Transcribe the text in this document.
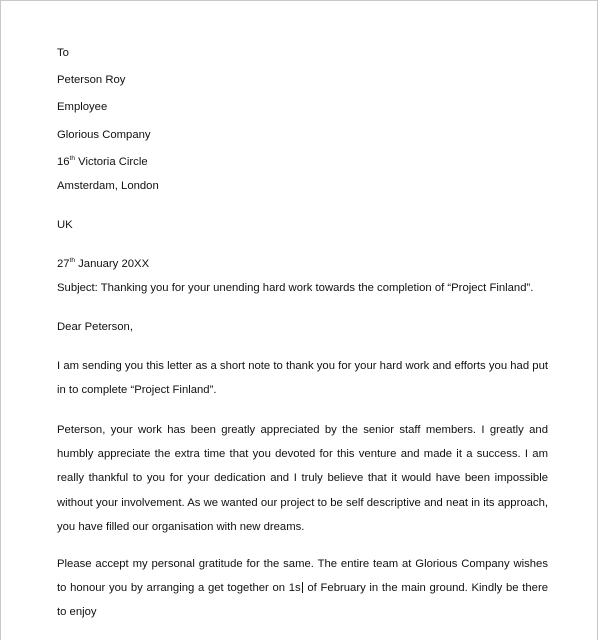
To
Peterson Roy
Employee
Glorious Company
16th Victoria Circle
Amsterdam, London
UK
27th January 20XX
Subject: Thanking you for your unending hard work towards the completion of “Project Finland”.
Dear Peterson,
I am sending you this letter as a short note to thank you for your hard work and efforts you had put in to complete “Project Finland”.
Peterson, your work has been greatly appreciated by the senior staff members. I greatly and humbly appreciate the extra time that you devoted for this venture and made it a success. I am really thankful to you for your dedication and I truly believe that it would have been impossible without your involvement. As we wanted our project to be self descriptive and neat in its approach, you have filled our organisation with new dreams.
Please accept my personal gratitude for the same. The entire team at Glorious Company wishes to honour you by arranging a get together on 1s of February in the main ground. Kindly be there to enjoy
